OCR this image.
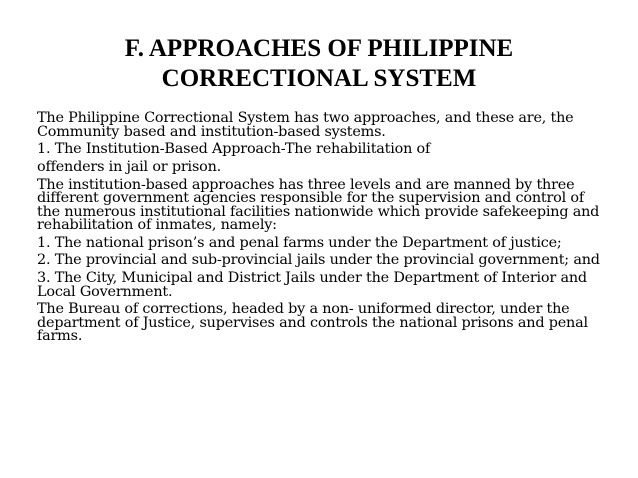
F. APPROACHES OF PHILIPPINE
CORRECTIONAL SYSTEM

The Philippine Correctional System has two approaches, and these are, the
Community based and institution-based systems.

1. The Institution-Based Approach-The rehabilitation of

offenders in jail or prison.

The institution-based approaches has three levels and are manned by three
different government agencies responsible for the supervision and control of
the numerous institutional facilities nationwide which provide safekeeping and
rehabilitation of inmates, namely:

1. The national prison’s and penal farms under the Department of justice;

2. The provincial and sub-provincial jails under the provincial government; and

3. The City, Municipal and District Jails under the Department of Interior and
Local Government.

The Bureau of corrections, headed by a non- uniformed director, under the
department of Justice, supervises and controls the national prisons and penal
farms.
